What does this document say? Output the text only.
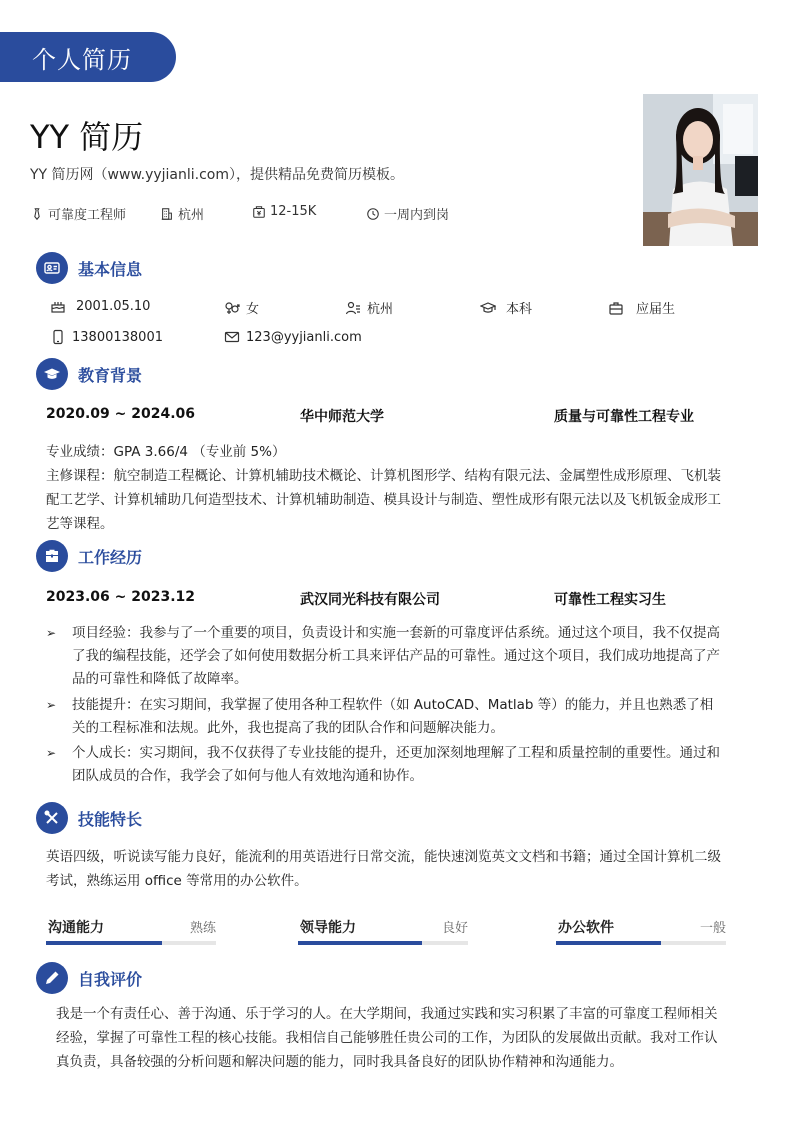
个人简历
YY 简历
YY 简历网（www.yyjianli.com），提供精品免费简历模板。
可靠度工程师	杭州	12-15K	一周内到岗
基本信息
2001.05.10	女	杭州	本科	应届生
13800138001	123@yyjianli.com
教育背景
2020.09 ~ 2024.06	华中师范大学	质量与可靠性工程专业
专业成绩：GPA 3.66/4 （专业前 5%）
主修课程：航空制造工程概论、计算机辅助技术概论、计算机图形学、结构有限元法、金属塑性成形原理、飞机装配工艺学、计算机辅助几何造型技术、计算机辅助制造、模具设计与制造、塑性成形有限元法以及飞机钣金成形工艺等课程。
工作经历
2023.06 ~ 2023.12	武汉同光科技有限公司	可靠性工程实习生
➢ 项目经验：我参与了一个重要的项目，负责设计和实施一套新的可靠度评估系统。通过这个项目，我不仅提高了我的编程技能，还学会了如何使用数据分析工具来评估产品的可靠性。通过这个项目，我们成功地提高了产品的可靠性和降低了故障率。
➢ 技能提升：在实习期间，我掌握了使用各种工程软件（如 AutoCAD、Matlab 等）的能力，并且也熟悉了相关的工程标准和法规。此外，我也提高了我的团队合作和问题解决能力。
➢ 个人成长：实习期间，我不仅获得了专业技能的提升，还更加深刻地理解了工程和质量控制的重要性。通过和团队成员的合作，我学会了如何与他人有效地沟通和协作。
技能特长
英语四级，听说读写能力良好，能流利的用英语进行日常交流，能快速浏览英文文档和书籍；通过全国计算机二级考试，熟练运用 office 等常用的办公软件。
沟通能力	熟练	领导能力	良好	办公软件	一般
自我评价
我是一个有责任心、善于沟通、乐于学习的人。在大学期间，我通过实践和实习积累了丰富的可靠度工程师相关经验，掌握了可靠性工程的核心技能。我相信自己能够胜任贵公司的工作，为团队的发展做出贡献。我对工作认真负责，具备较强的分析问题和解决问题的能力，同时我具备良好的团队协作精神和沟通能力。
